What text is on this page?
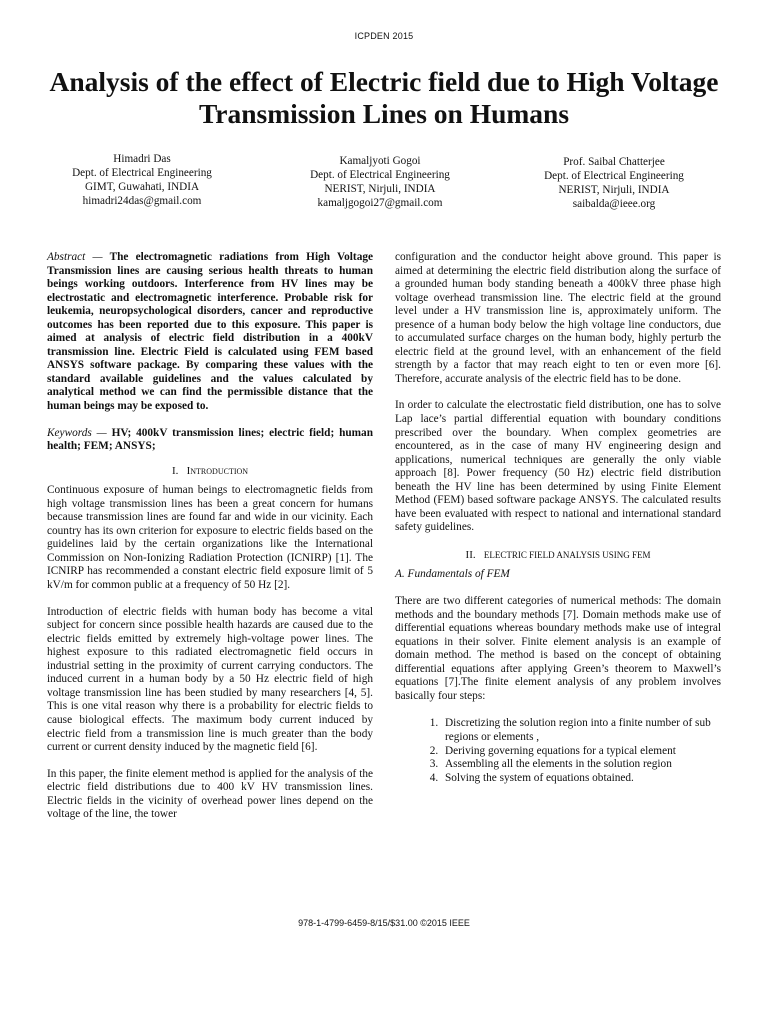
ICPDEN 2015
Analysis of the effect of Electric field due to High Voltage Transmission Lines on Humans
Himadri Das
Dept. of Electrical Engineering
GIMT, Guwahati, INDIA
himadri24das@gmail.com
Kamaljyoti Gogoi
Dept. of Electrical Engineering
NERIST, Nirjuli, INDIA
kamaljgogoi27@gmail.com
Prof. Saibal Chatterjee
Dept. of Electrical Engineering
NERIST, Nirjuli, INDIA
saibalda@ieee.org

Abstract — The electromagnetic radiations from High Voltage Transmission lines are causing serious health threats to human beings working outdoors. Interference from HV lines may be electrostatic and electromagnetic interference. Probable risk for leukemia, neuropsychological disorders, cancer and reproductive outcomes has been reported due to this exposure. This paper is aimed at analysis of electric field distribution in a 400kV transmission line. Electric Field is calculated using FEM based ANSYS software package. By comparing these values with the standard available guidelines and the values calculated by analytical method we can find the permissible distance that the human beings may be exposed to.

Keywords — HV; 400kV transmission lines; electric field; human health; FEM; ANSYS;

I. Introduction

Continuous exposure of human beings to electromagnetic fields from high voltage transmission lines has been a great concern for humans because transmission lines are found far and wide in our vicinity. Each country has its own criterion for exposure to electric fields based on the guidelines laid by the certain organizations like the International Commission on Non-Ionizing Radiation Protection (ICNIRP) [1]. The ICNIRP has recommended a constant electric field exposure limit of 5 kV/m for common public at a frequency of 50 Hz [2].

Introduction of electric fields with human body has become a vital subject for concern since possible health hazards are caused due to the electric fields emitted by extremely high-voltage power lines. The highest exposure to this radiated electromagnetic field occurs in industrial setting in the proximity of current carrying conductors. The induced current in a human body by a 50 Hz electric field of high voltage transmission line has been studied by many researchers [4, 5]. This is one vital reason why there is a probability for electric fields to cause biological effects. The maximum body current induced by electric field from a transmission line is much greater than the body current or current density induced by the magnetic field [6].

In this paper, the finite element method is applied for the analysis of the electric field distributions due to 400 kV HV transmission lines. Electric fields in the vicinity of overhead power lines depend on the voltage of the line, the tower

configuration and the conductor height above ground. This paper is aimed at determining the electric field distribution along the surface of a grounded human body standing beneath a 400kV three phase high voltage overhead transmission line. The electric field at the ground level under a HV transmission line is, approximately uniform. The presence of a human body below the high voltage line conductors, due to accumulated surface charges on the human body, highly perturb the electric field at the ground level, with an enhancement of the field strength by a factor that may reach eight to ten or even more [6]. Therefore, accurate analysis of the electric field has to be done.

In order to calculate the electrostatic field distribution, one has to solve Lap lace’s partial differential equation with boundary conditions prescribed over the boundary. When complex geometries are encountered, as in the case of many HV engineering design and applications, numerical techniques are generally the only viable approach [8]. Power frequency (50 Hz) electric field distribution beneath the HV line has been determined by using Finite Element Method (FEM) based software package ANSYS. The calculated results have been evaluated with respect to national and international standard safety guidelines.

II. ELECTRIC FIELD ANALYSIS USING FEM

A. Fundamentals of FEM

There are two different categories of numerical methods: The domain methods and the boundary methods [7]. Domain methods make use of differential equations whereas boundary methods make use of integral equations in their solver. Finite element analysis is an example of domain method. The method is based on the concept of obtaining differential equations after applying Green’s theorem to Maxwell’s equations [7].The finite element analysis of any problem involves basically four steps:

1. Discretizing the solution region into a finite number of sub regions or elements ,
2. Deriving governing equations for a typical element
3. Assembling all the elements in the solution region
4. Solving the system of equations obtained.
978-1-4799-6459-8/15/$31.00 ©2015 IEEE
